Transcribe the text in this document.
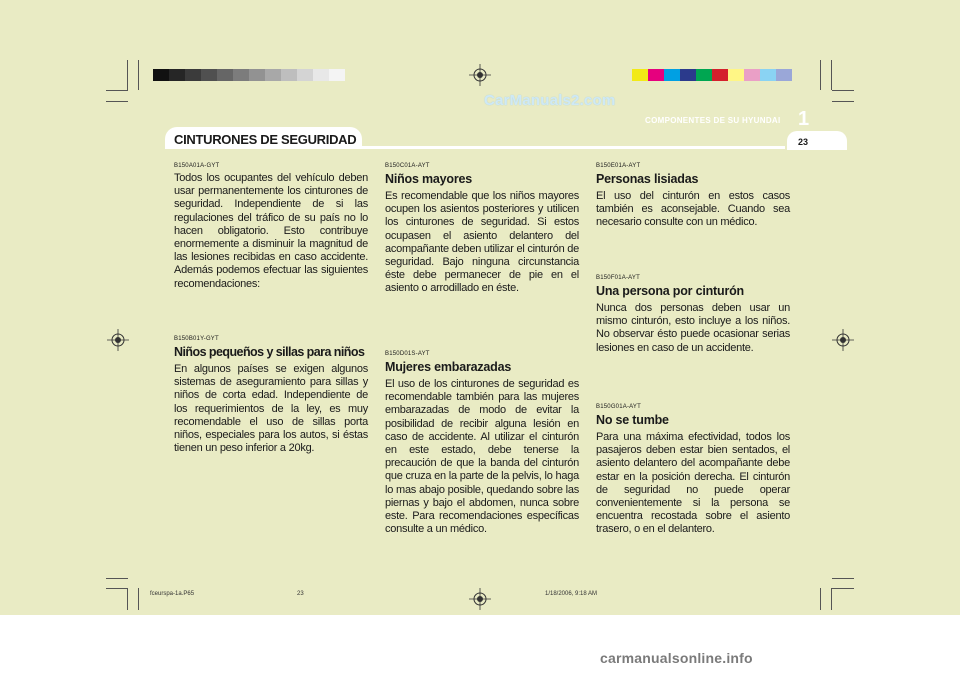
CarManuals2.com
CINTURONES DE SEGURIDAD
COMPONENTES DE SU HYUNDAI 1
23
B150A01A-GYT
Todos los ocupantes del vehículo deben usar permanentemente los cinturones de seguridad. Independiente de si las regulaciones del tráfico de su país no lo hacen obligatorio. Esto contribuye enormemente a disminuir la magnitud de las lesiones recibidas en caso accidente. Además podemos efectuar las siguientes recomendaciones:
B150B01Y-GYT
Niños pequeños y sillas para niños
En algunos países se exigen algunos sistemas de aseguramiento para sillas y niños de corta edad. Independiente de los requerimientos de la ley, es muy recomendable el uso de sillas porta niños, especiales para los autos, si éstas tienen un peso inferior a 20kg.
B150C01A-AYT
Niños mayores
Es recomendable que los niños mayores ocupen los asientos posteriores y utilicen los cinturones de seguridad. Si estos ocupasen el asiento delantero del acompañante deben utilizar el cinturón de seguridad. Bajo ninguna circunstancia éste debe permanecer de pie en el asiento o arrodillado en éste.
B150D01S-AYT
Mujeres embarazadas
El uso de los cinturones de seguridad es recomendable también para las mujeres embarazadas de modo de evitar la posibilidad de recibir alguna lesión en caso de accidente. Al utilizar el cinturón en este estado, debe tenerse la precaución de que la banda del cinturón que cruza en la parte de la pelvis, lo haga lo mas abajo posible, quedando sobre las piernas y bajo el abdomen, nunca sobre este. Para recomendaciones específicas consulte a un médico.
B150E01A-AYT
Personas lisiadas
El uso del cinturón en estos casos también es aconsejable. Cuando sea necesario consulte con un médico.
B150F01A-AYT
Una persona por cinturón
Nunca dos personas deben usar un mismo cinturón, esto incluye a los niños. No observar ésto puede ocasionar serias lesiones en caso de un accidente.
B150G01A-AYT
No se tumbe
Para una máxima efectividad, todos los pasajeros deben estar bien sentados, el asiento delantero del acompañante debe estar en la posición derecha. El cinturón de seguridad no puede operar convenientemente si la persona se encuentra recostada sobre el asiento trasero, o en el delantero.
fceurspa-1a.P65	23	1/18/2006, 9:18 AM
carmanualsonline.info
